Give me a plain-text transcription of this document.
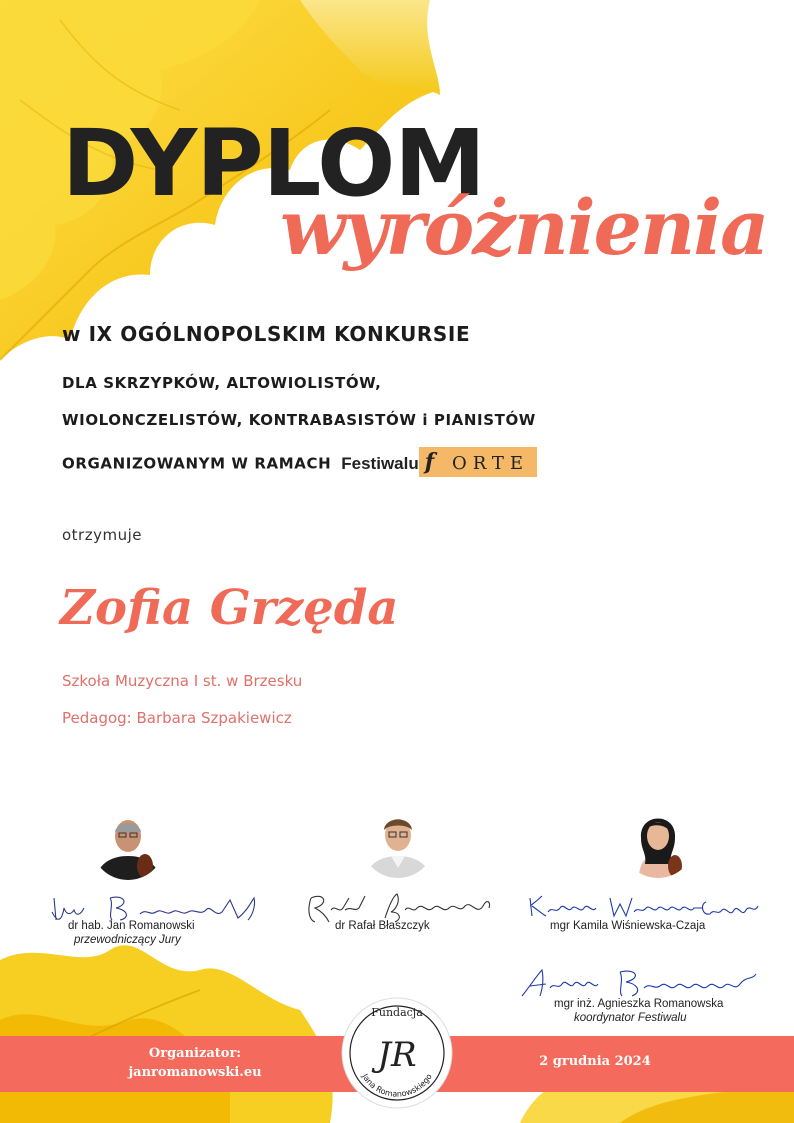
DYPLOM
wyróżnienia
w IX OGÓLNOPOLSKIM KONKURSIE
DLA SKRZYPKÓW, ALTOWIOLISTÓW,
WIOLONCZELISTÓW, KONTRABASISTÓW i PIANISTÓW
ORGANIZOWANYM W RAMACH Festiwalu f ORTE
otrzymuje
Zofia Grzęda
Szkoła Muzyczna I st. w Brzesku
Pedagog: Barbara Szpakiewicz
dr hab. Jan Romanowski
przewodniczący Jury
dr Rafał Błaszczyk	mgr Kamila Wiśniewska-Czaja
mgr inż. Agnieszka Romanowska
koordynator Festiwalu
Organizator:
janromanowski.eu
2 grudnia 2024
Fundacja
JR
Jana Romanowskiego
